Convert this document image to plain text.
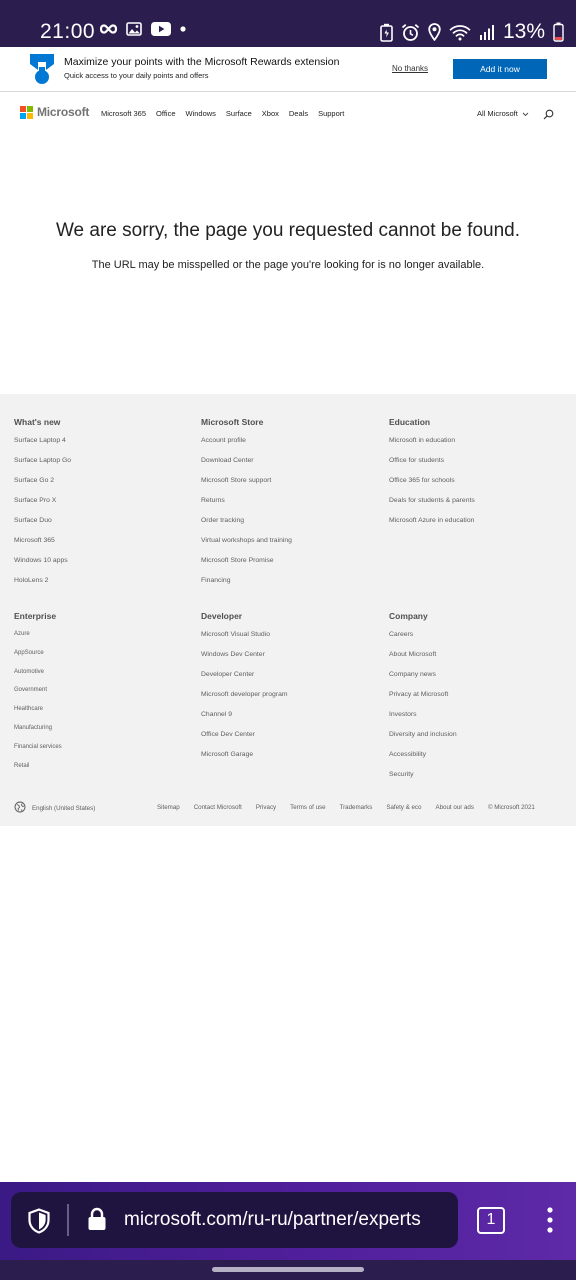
21:00	13%
Maximize your points with the Microsoft Rewards extension
Quick access to your daily points and offers
No thanks	Add it now
Microsoft Microsoft 365 Office Windows Surface Xbox Deals Support	All Microsoft
We are sorry, the page you requested cannot be found.

The URL may be misspelled or the page you're looking for is no longer available.

What's new
Surface Laptop 4
Surface Laptop Go
Surface Go 2
Surface Pro X
Surface Duo
Microsoft 365
Windows 10 apps
HoloLens 2
Microsoft Store
Account profile
Download Center
Microsoft Store support
Returns
Order tracking
Virtual workshops and training
Microsoft Store Promise
Financing
Education
Microsoft in education
Office for students
Office 365 for schools
Deals for students & parents
Microsoft Azure in education
Enterprise
Azure
AppSource
Automotive
Government
Healthcare
Manufacturing
Financial services
Retail
Developer
Microsoft Visual Studio
Windows Dev Center
Developer Center
Microsoft developer program
Channel 9
Office Dev Center
Microsoft Garage
Company
Careers
About Microsoft
Company news
Privacy at Microsoft
Investors
Diversity and inclusion
Accessibility
Security
English (United States)	Sitemap Contact Microsoft Privacy Terms of use Trademarks Safety & eco About our ads © Microsoft 2021
microsoft.com/ru-ru/partner/experts	1
